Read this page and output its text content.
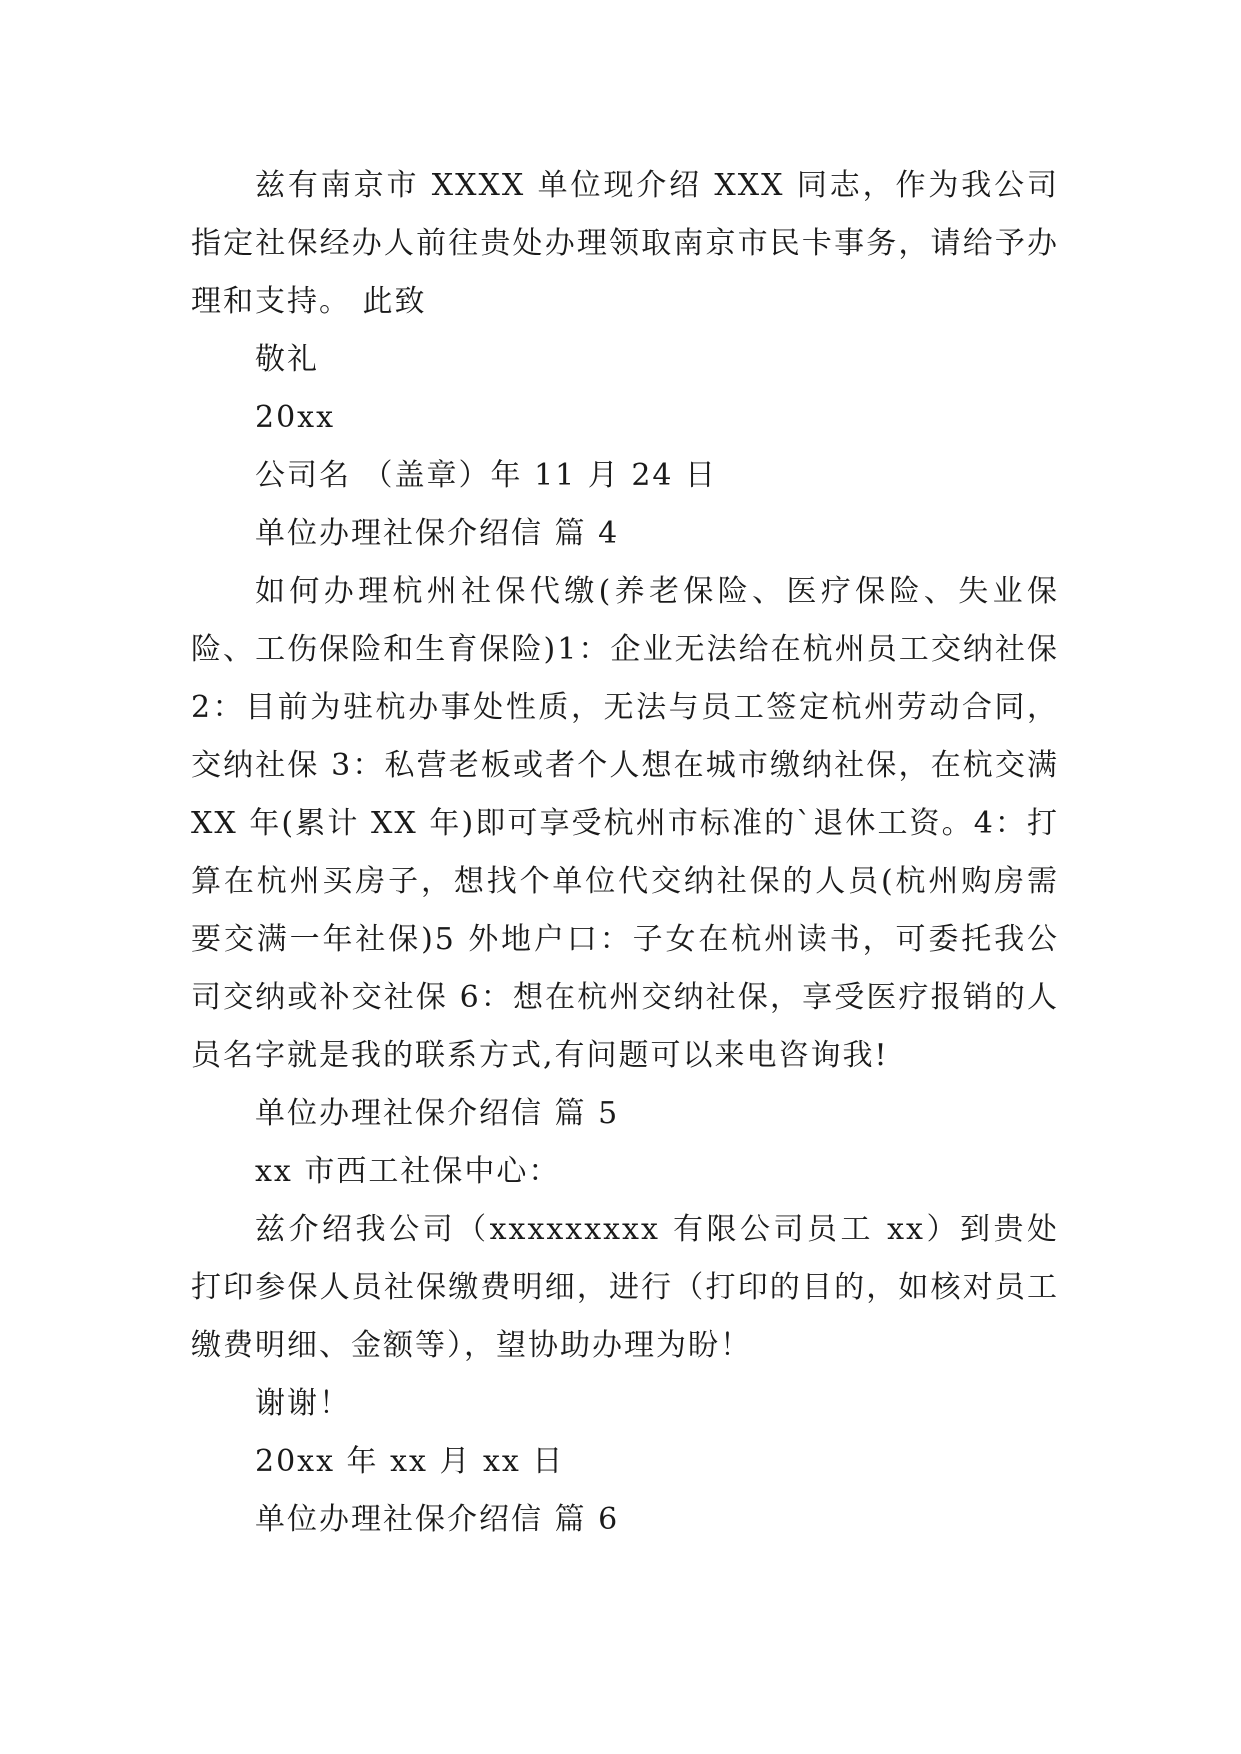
兹有南京市 XXXX 单位现介绍 XXX 同志，作为我公司指定社保经办人前往贵处办理领取南京市民卡事务，请给予办理和支持。 此致

敬礼

20xx

公司名 （盖章）年 11 月 24 日

单位办理社保介绍信 篇 4

如何办理杭州社保代缴(养老保险、医疗保险、失业保险、工伤保险和生育保险)1：企业无法给在杭州员工交纳社保 2：目前为驻杭办事处性质，无法与员工签定杭州劳动合同，交纳社保 3：私营老板或者个人想在城市缴纳社保，在杭交满 XX 年(累计 XX 年)即可享受杭州市标准的`退休工资。4：打算在杭州买房子，想找个单位代交纳社保的人员(杭州购房需要交满一年社保)5 外地户口：子女在杭州读书，可委托我公司交纳或补交社保 6：想在杭州交纳社保，享受医疗报销的人员名字就是我的联系方式,有问题可以来电咨询我!

单位办理社保介绍信 篇 5

xx 市西工社保中心：

兹介绍我公司（xxxxxxxxx 有限公司员工 xx）到贵处打印参保人员社保缴费明细，进行（打印的目的，如核对员工缴费明细、金额等），望协助办理为盼！

谢谢！

20xx 年 xx 月 xx 日

单位办理社保介绍信 篇 6
